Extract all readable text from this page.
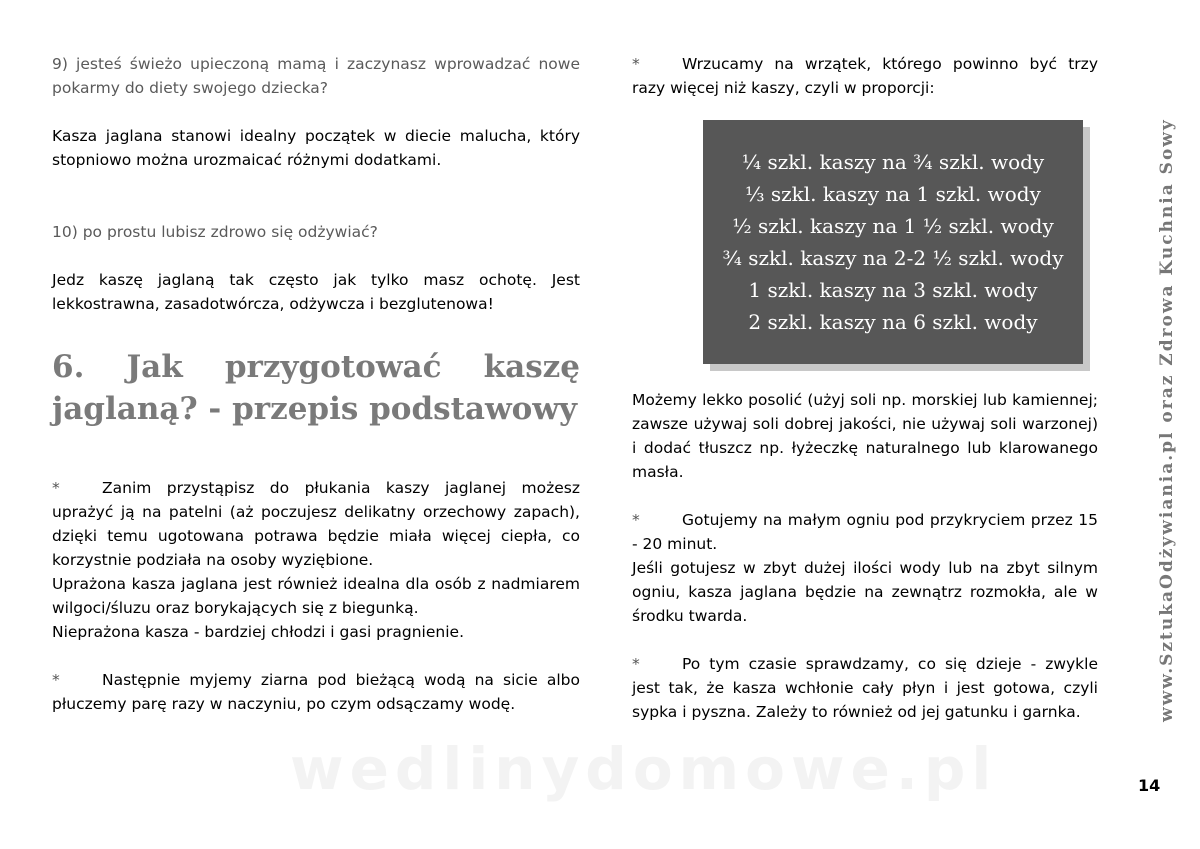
9) jesteś świeżo upieczoną mamą i zaczynasz wprowadzać nowe pokarmy do diety swojego dziecka?

Kasza jaglana stanowi idealny początek w diecie malucha, który stopniowo można urozmaicać różnymi dodatkami.

10) po prostu lubisz zdrowo się odżywiać?

Jedz kaszę jaglaną tak często jak tylko masz ochotę. Jest lekkostrawna, zasadotwórcza, odżywcza i bezglutenowa!

6. Jak przygotować kaszę jaglaną? - przepis podstawowy

*	Zanim przystąpisz do płukania kaszy jaglanej możesz uprażyć ją na patelni (aż poczujesz delikatny orzechowy zapach), dzięki temu ugotowana potrawa będzie miała więcej ciepła, co korzystnie podziała na osoby wyziębione.

Uprażona kasza jaglana jest również idealna dla osób z nadmiarem wilgoci/śluzu oraz borykających się z biegunką.

Nieprażona kasza - bardziej chłodzi i gasi pragnienie.

*	Następnie myjemy ziarna pod bieżącą wodą na sicie albo płuczemy parę razy w naczyniu, po czym odsączamy wodę.

*	Wrzucamy na wrzątek, którego powinno być trzy razy więcej niż kaszy, czyli w proporcji:

Możemy lekko posolić (użyj soli np. morskiej lub kamiennej; zawsze używaj soli dobrej jakości, nie używaj soli warzonej) i dodać tłuszcz np. łyżeczkę naturalnego lub klarowanego masła.

*	Gotujemy na małym ogniu pod przykryciem przez 15 - 20 minut.

Jeśli gotujesz w zbyt dużej ilości wody lub na zbyt silnym ogniu, kasza jaglana będzie na zewnątrz rozmokła, ale w środku twarda.

*	Po tym czasie sprawdzamy, co się dzieje - zwykle jest tak, że kasza wchłonie cały płyn i jest gotowa, czyli sypka i pyszna. Zależy to również od jej gatunku i garnka.

¼ szkl. kaszy na ¾ szkl. wody
⅓ szkl. kaszy na 1 szkl. wody
½ szkl. kaszy na 1 ½ szkl. wody
¾ szkl. kaszy na 2-2 ½ szkl. wody
1 szkl. kaszy na 3 szkl. wody
2 szkl. kaszy na 6 szkl. wody	www.SztukaOdżywiania.pl oraz Zdrowa Kuchnia Sowy
14
wedlinydomowe.pl
